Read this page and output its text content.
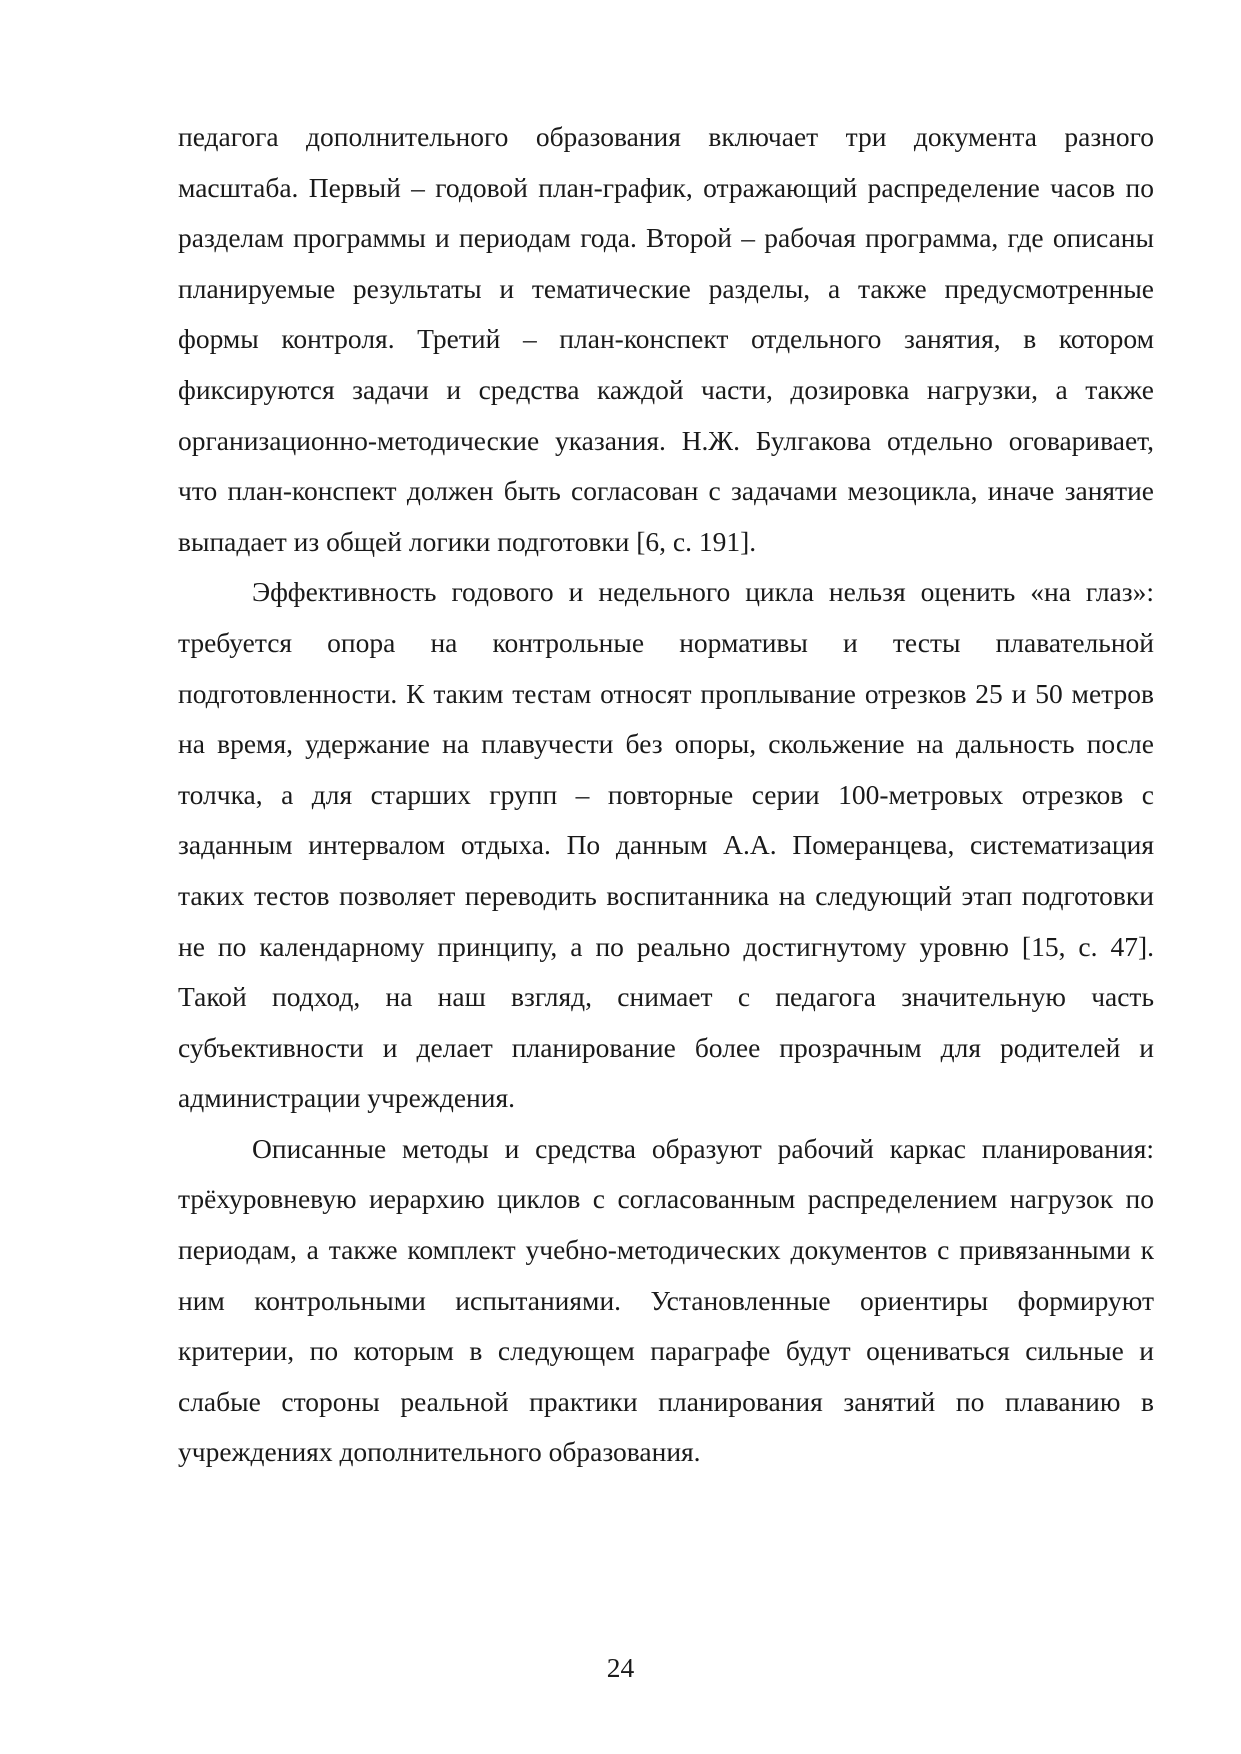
педагога дополнительного образования включает три документа разного масштаба. Первый – годовой план-график, отражающий распределение часов по разделам программы и периодам года. Второй – рабочая программа, где описаны планируемые результаты и тематические разделы, а также предусмотренные формы контроля. Третий – план-конспект отдельного занятия, в котором фиксируются задачи и средства каждой части, дозировка нагрузки, а также организационно-методические указания. Н.Ж. Булгакова отдельно оговаривает, что план-конспект должен быть согласован с задачами мезоцикла, иначе занятие выпадает из общей логики подготовки [6, с. 191].

Эффективность годового и недельного цикла нельзя оценить «на глаз»: требуется опора на контрольные нормативы и тесты плавательной подготовленности. К таким тестам относят проплывание отрезков 25 и 50 метров на время, удержание на плавучести без опоры, скольжение на дальность после толчка, а для старших групп – повторные серии 100-метровых отрезков с заданным интервалом отдыха. По данным А.А. Померанцева, систематизация таких тестов позволяет переводить воспитанника на следующий этап подготовки не по календарному принципу, а по реально достигнутому уровню [15, с. 47]. Такой подход, на наш взгляд, снимает с педагога значительную часть субъективности и делает планирование более прозрачным для родителей и администрации учреждения.

Описанные методы и средства образуют рабочий каркас планирования: трёхуровневую иерархию циклов с согласованным распределением нагрузок по периодам, а также комплект учебно-методических документов с привязанными к ним контрольными испытаниями. Установленные ориентиры формируют критерии, по которым в следующем параграфе будут оцениваться сильные и слабые стороны реальной практики планирования занятий по плаванию в учреждениях дополнительного образования.

24
